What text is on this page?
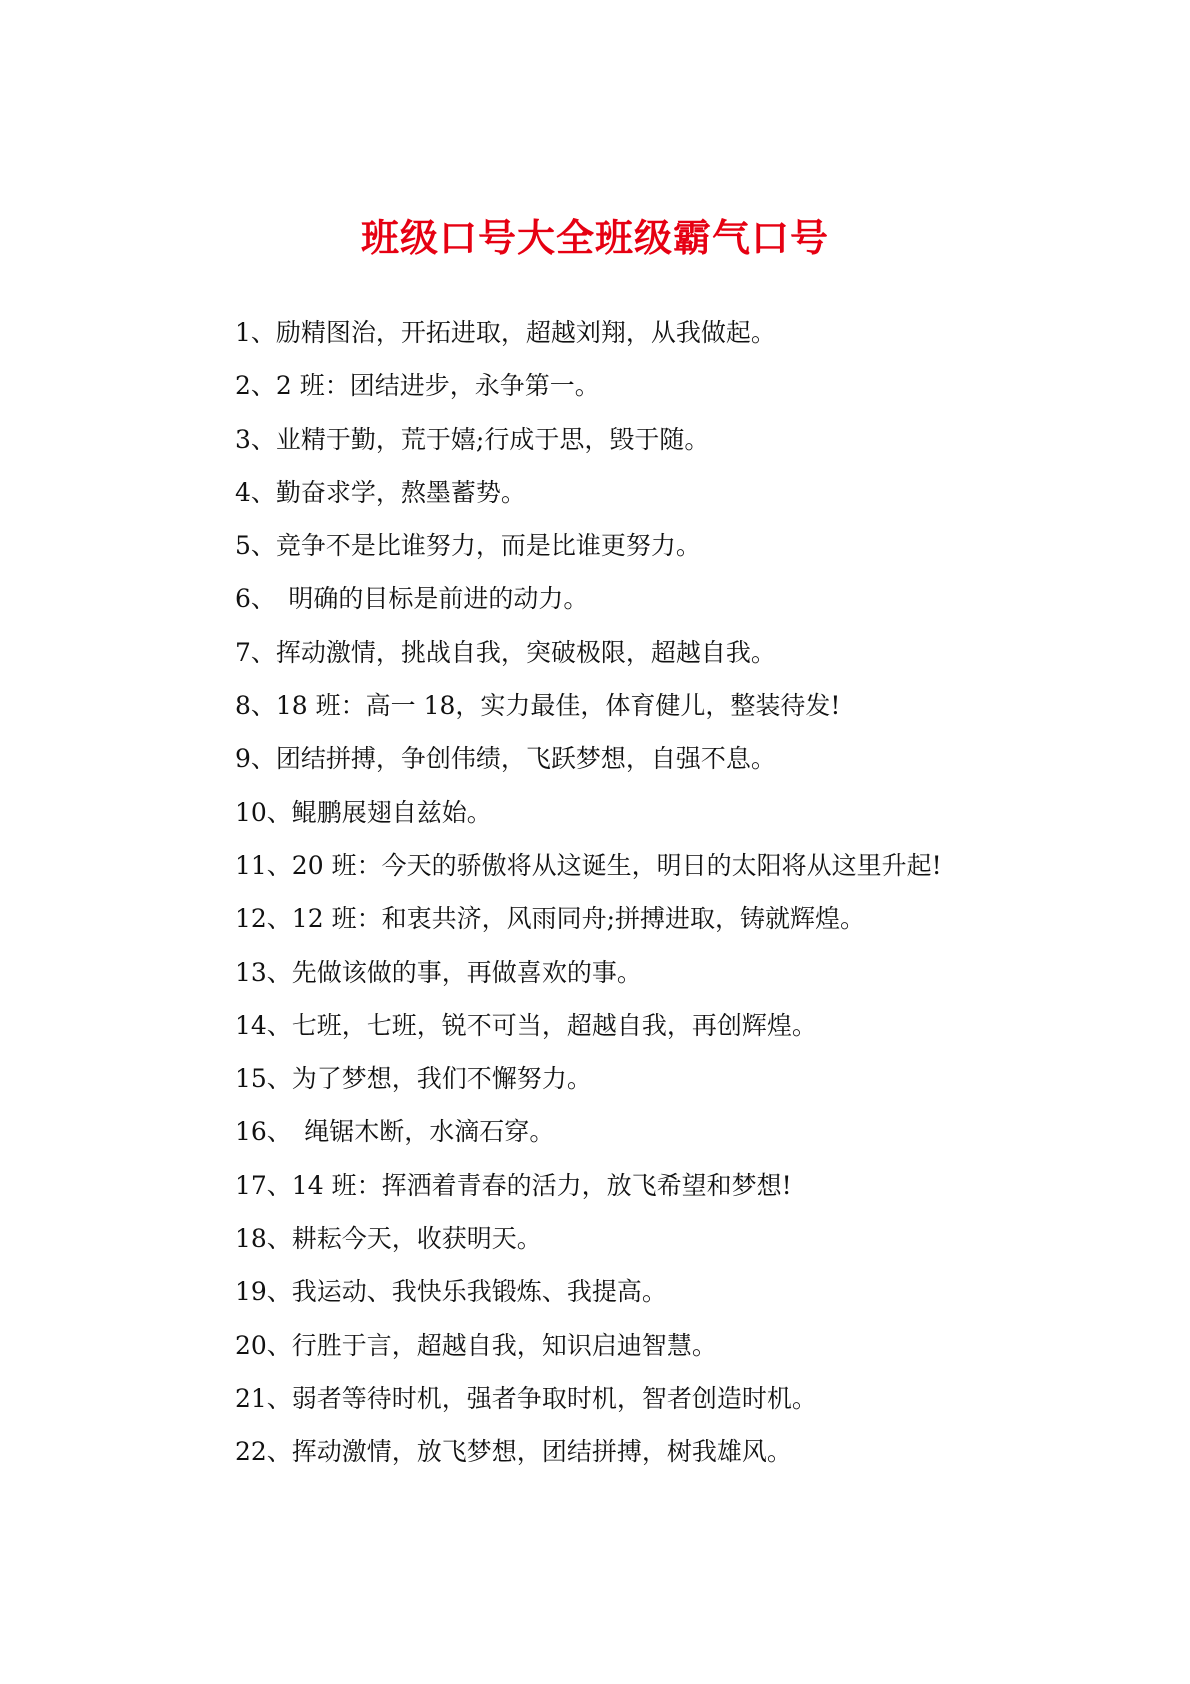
班级口号大全班级霸气口号
1、励精图治，开拓进取，超越刘翔，从我做起。
2、2 班：团结进步，永争第一。
3、业精于勤，荒于嬉;行成于思，毁于随。
4、勤奋求学，熬墨蓄势。
5、竞争不是比谁努力，而是比谁更努力。
6、　明确的目标是前进的动力。
7、挥动激情，挑战自我，突破极限，超越自我。
8、18 班：高一 18，实力最佳，体育健儿，整装待发!
9、团结拼搏，争创伟绩，飞跃梦想，自强不息。
10、鲲鹏展翅自兹始。
11、20 班：今天的骄傲将从这诞生，明日的太阳将从这里升起!
12、12 班：和衷共济，风雨同舟;拼搏进取，铸就辉煌。
13、先做该做的事，再做喜欢的事。
14、七班，七班，锐不可当，超越自我，再创辉煌。
15、为了梦想，我们不懈努力。
16、　绳锯木断，水滴石穿。
17、14 班：挥洒着青春的活力，放飞希望和梦想!
18、耕耘今天，收获明天。
19、我运动、我快乐我锻炼、我提高。
20、行胜于言，超越自我，知识启迪智慧。
21、弱者等待时机，强者争取时机，智者创造时机。
22、挥动激情，放飞梦想，团结拼搏，树我雄风。
